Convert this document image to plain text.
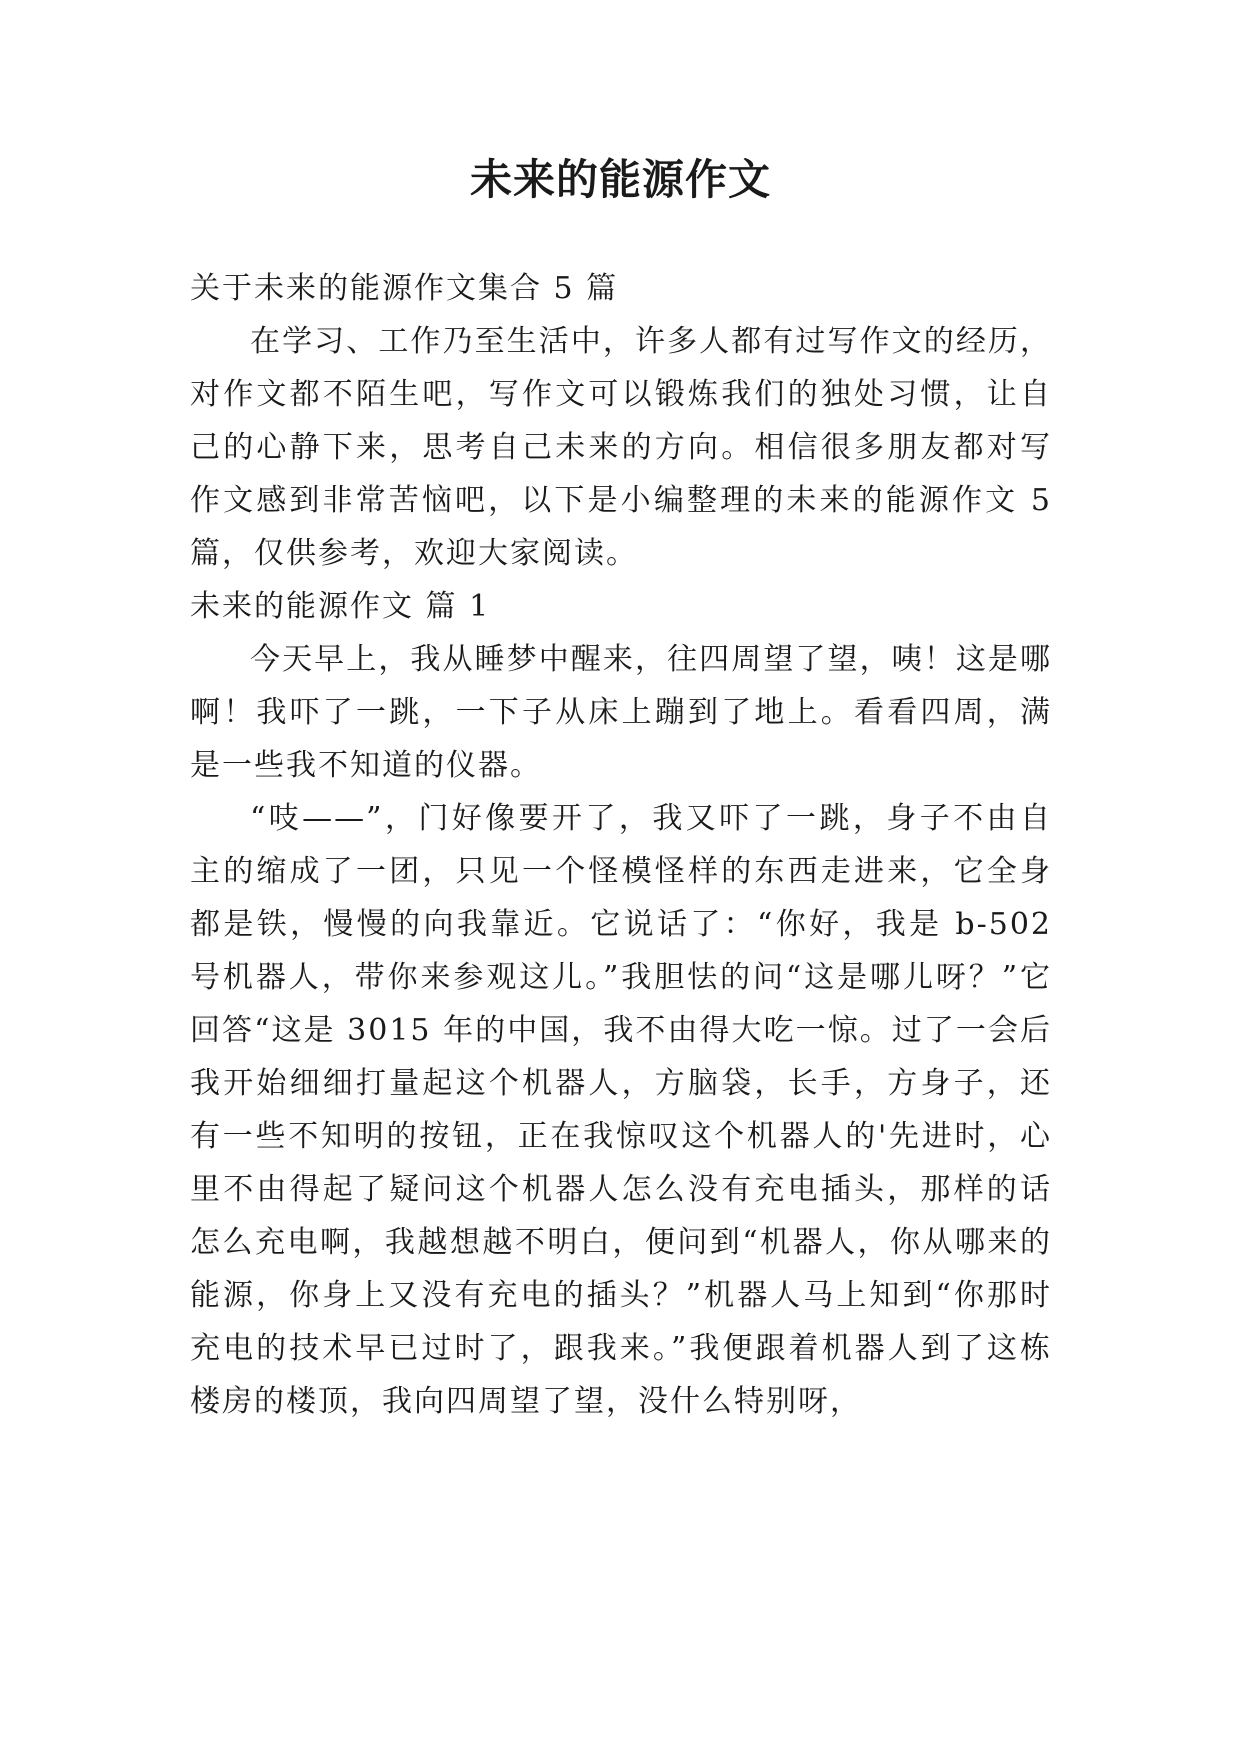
未来的能源作文

关于未来的能源作文集合 5 篇

在学习、工作乃至生活中，许多人都有过写作文的经历，对作文都不陌生吧，写作文可以锻炼我们的独处习惯，让自己的心静下来，思考自己未来的方向。相信很多朋友都对写作文感到非常苦恼吧，以下是小编整理的未来的能源作文 5 篇，仅供参考，欢迎大家阅读。

未来的能源作文 篇 1

今天早上，我从睡梦中醒来，往四周望了望，咦！这是哪啊！我吓了一跳，一下子从床上蹦到了地上。看看四周，满是一些我不知道的仪器。

“吱——”，门好像要开了，我又吓了一跳，身子不由自主的缩成了一团，只见一个怪模怪样的东西走进来，它全身都是铁，慢慢的向我靠近。它说话了：“你好，我是 b-502 号机器人，带你来参观这儿。”我胆怯的问“这是哪儿呀？”它回答“这是 3015 年的中国，我不由得大吃一惊。过了一会后我开始细细打量起这个机器人，方脑袋，长手，方身子，还有一些不知明的按钮，正在我惊叹这个机器人的'先进时，心里不由得起了疑问这个机器人怎么没有充电插头，那样的话怎么充电啊，我越想越不明白，便问到“机器人，你从哪来的能源，你身上又没有充电的插头？”机器人马上知到“你那时充电的技术早已过时了，跟我来。”我便跟着机器人到了这栋楼房的楼顶，我向四周望了望，没什么特别呀，
